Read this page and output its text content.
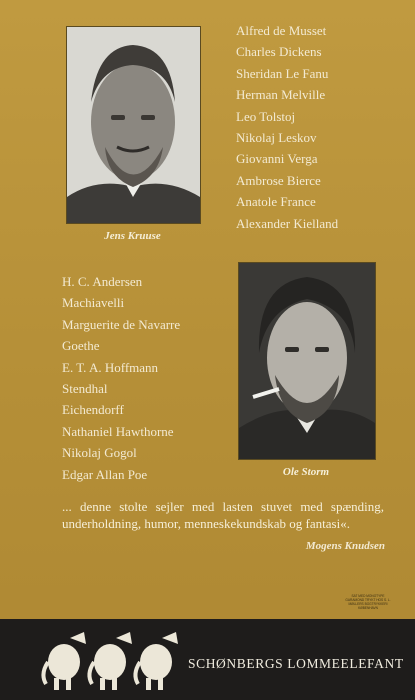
Jens Kruuse
Alfred de Musset
Charles Dickens
Sheridan Le Fanu
Herman Melville
Leo Tolstoj
Nikolaj Leskov
Giovanni Verga
Ambrose Bierce
Anatole France
Alexander Kielland
H. C. Andersen
Machiavelli
Marguerite de Navarre
Goethe
E. T. A. Hoffmann
Stendhal
Eichendorff
Nathaniel Hawthorne
Nikolaj Gogol
Edgar Allan Poe	Ole Storm
... denne stolte sejler med lasten stuvet med spænding, underholdning, humor, menneskekundskab og fantasi«.
Mogens Knudsen
SAT MED MONOTYPE GARAMOND TRYKT HOS S. L. MØLLERS BOGTRYKKERI KØBENHAVN
SCHØNBERGS LOMMEELEFANT
